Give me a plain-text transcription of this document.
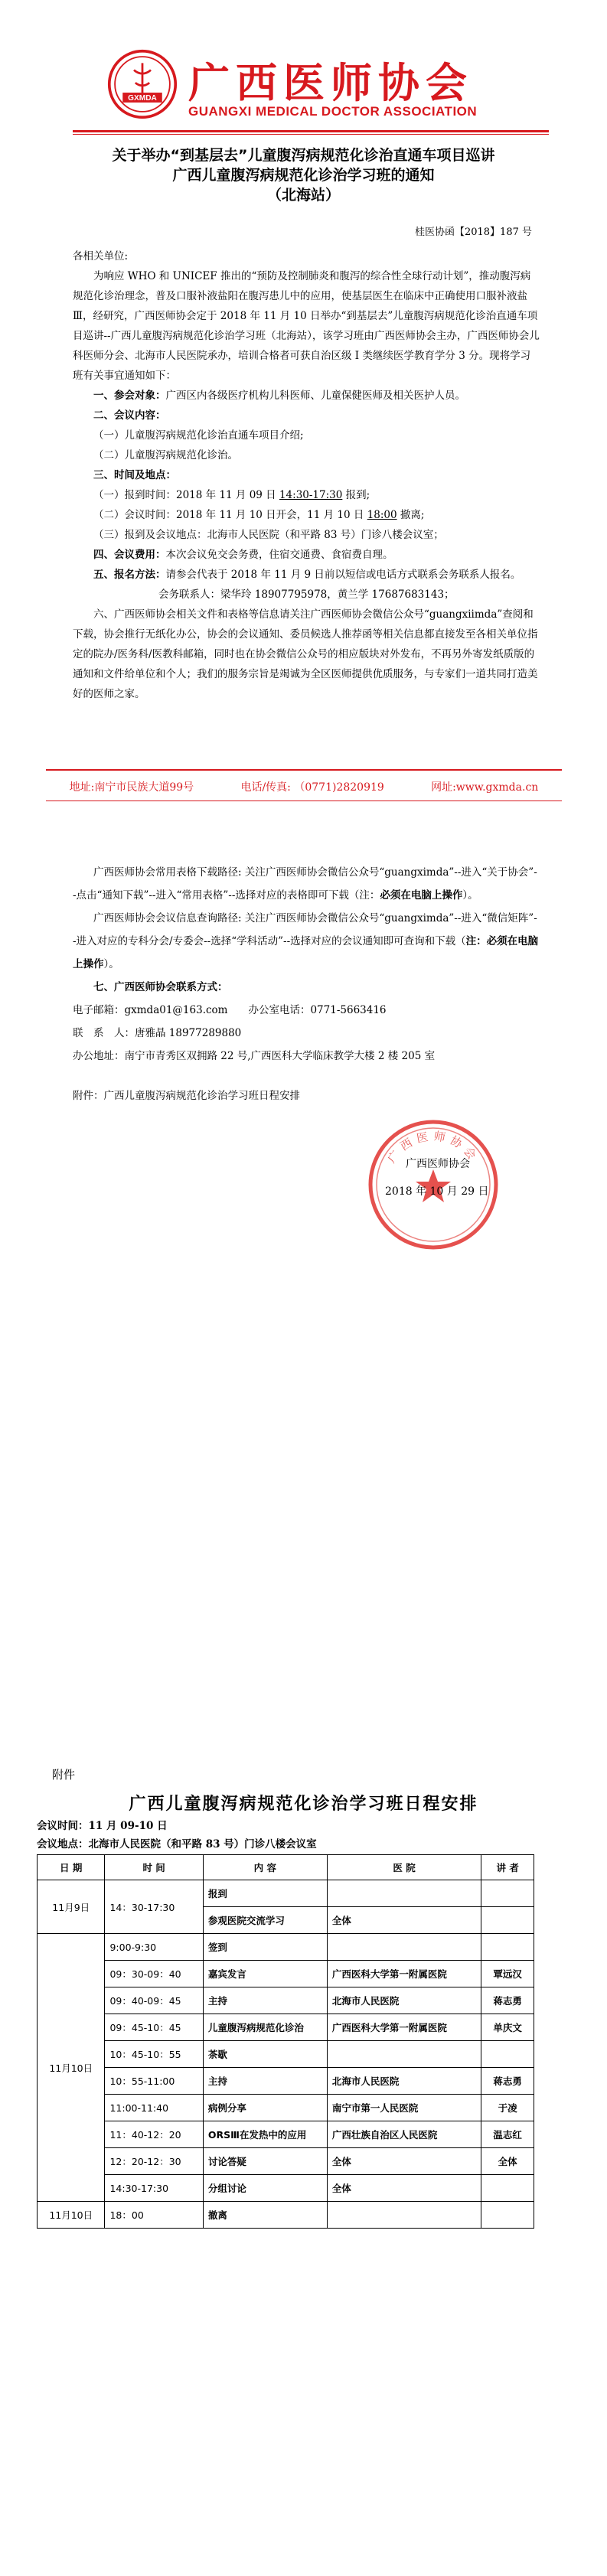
GXMDA 广西医师协会
GUANGXI MEDICAL DOCTOR ASSOCIATION
关于举办“到基层去”儿童腹泻病规范化诊治直通车项目巡讲
广西儿童腹泻病规范化诊治学习班的通知
（北海站）
桂医协函【2018】187 号

各相关单位:

为响应 WHO 和 UNICEF 推出的“预防及控制肺炎和腹泻的综合性全球行动计划”，推动腹泻病规范化诊治理念，普及口服补液盐阳在腹泻患儿中的应用，使基层医生在临床中正确使用口服补液盐Ⅲ，经研究，广西医师协会定于 2018 年 11 月 10 日举办“到基层去”儿童腹泻病规范化诊治直通车项目巡讲--广西儿童腹泻病规范化诊治学习班（北海站），该学习班由广西医师协会主办，广西医师协会儿科医师分会、北海市人民医院承办，培训合格者可获自治区级 I 类继续医学教育学分 3 分。现将学习班有关事宜通知如下：

一、参会对象：广西区内各级医疗机构儿科医师、儿童保健医师及相关医护人员。

二、会议内容：

（一）儿童腹泻病规范化诊治直通车项目介绍;

（二）儿童腹泻病规范化诊治。

三、时间及地点：

（一）报到时间：2018 年 11 月 09 日 14:30-17:30 报到;

（二）会议时间：2018 年 11 月 10 日开会，11 月 10 日 18:00 撤离;

（三）报到及会议地点：北海市人民医院（和平路 83 号）门诊八楼会议室；

四、会议费用：本次会议免交会务费，住宿交通费、食宿费自理。

五、报名方法：请参会代表于 2018 年 11 月 9 日前以短信或电话方式联系会务联系人报名。

会务联系人：梁华玲 18907795978，黄兰学 17687683143；

六、广西医师协会相关文件和表格等信息请关注广西医师协会微信公众号“guangxiimda”查阅和下载，协会推行无纸化办公，协会的会议通知、委员候选人推荐函等相关信息都直接发至各相关单位指定的院办/医务科/医教科邮箱，同时也在协会微信公众号的相应版块对外发布，不再另外寄发纸质版的通知和文件给单位和个人；我们的服务宗旨是竭诚为全区医师提供优质服务，与专家们一道共同打造美好的医师之家。

地址:南宁市民族大道99号	电话/传真: （0771)2820919	网址:www.gxmda.cn

广西医师协会常用表格下载路径: 关注广西医师协会微信公众号“guangximda”--进入“关于协会”--点击“通知下载”--进入“常用表格”--选择对应的表格即可下载（注：必须在电脑上操作）。

广西医师协会会议信息查询路径: 关注广西医师协会微信公众号“guangximda”--进入“微信矩阵”--进入对应的专科分会/专委会--选择“学科活动”--选择对应的会议通知即可查询和下载（注：必须在电脑上操作）。

七、广西医师协会联系方式：

电子邮箱：gxmda01@163.com　　办公室电话：0771-5663416

联　系　人：唐雅晶 18977289880

办公地址：南宁市青秀区双拥路 22 号,广西医科大学临床教学大楼 2 楼 205 室

附件：广西儿童腹泻病规范化诊治学习班日程安排

广西医师协会
广西医师协会
2018 年 10 月 29 日
附件
广西儿童腹泻病规范化诊治学习班日程安排
会议时间：11 月 09-10 日
会议地点：北海市人民医院（和平路 83 号）门诊八楼会议室
日 期	时 间	内 容	医 院	讲 者
11月9日	14：30-17:30	报到		
		参观医院交流学习	全体	
11月10日	9:00-9:30	签到		
	09：30-09：40	嘉宾发言	广西医科大学第一附属医院	覃远汉
	09：40-09：45	主持	北海市人民医院	蒋志勇
	09：45-10：45	儿童腹泻病规范化诊治	广西医科大学第一附属医院	单庆文
	10：45-10：55	茶歇		
	10：55-11:00	主持	北海市人民医院	蒋志勇
	11:00-11:40	病例分享	南宁市第一人民医院	于凌
	11：40-12：20	ORSⅢ在发热中的应用	广西壮族自治区人民医院	温志红
	12：20-12：30	讨论答疑	全体	全体
	14:30-17:30	分组讨论	全体	
11月10日	18：00	撤离		
